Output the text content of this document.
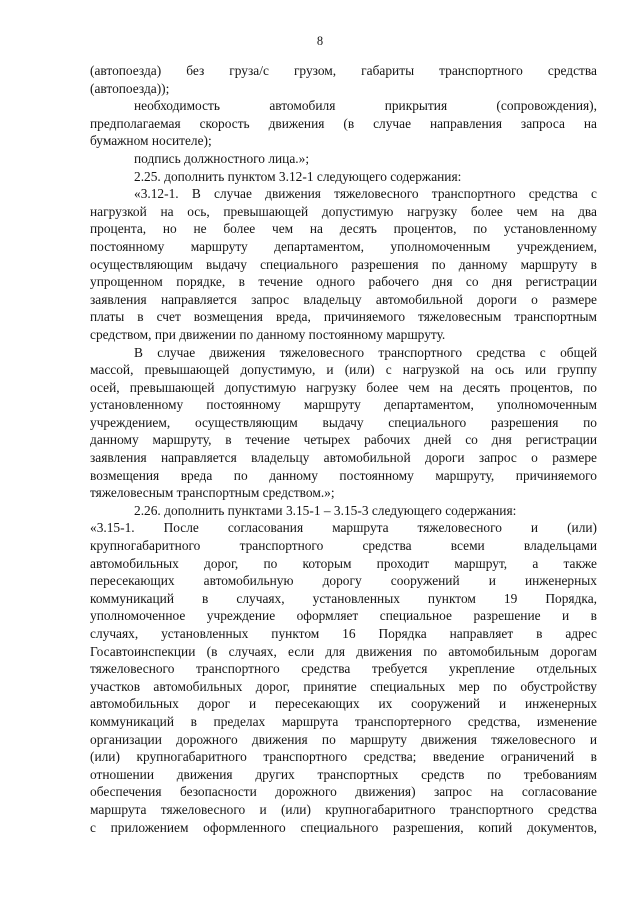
8
(автопоезда) без груза/с грузом, габариты транспортного средства
(автопоезда));
необходимость автомобиля прикрытия (сопровождения),
предполагаемая скорость движения (в случае направления запроса на
бумажном носителе);
подпись должностного лица.»;
2.25. дополнить пунктом 3.12-1 следующего содержания:
«3.12-1. В случае движения тяжеловесного транспортного средства с
нагрузкой на ось, превышающей допустимую нагрузку более чем на два
процента, но не более чем на десять процентов, по установленному
постоянному маршруту департаментом, уполномоченным учреждением,
осуществляющим выдачу специального разрешения по данному маршруту в
упрощенном порядке, в течение одного рабочего дня со дня регистрации
заявления направляется запрос владельцу автомобильной дороги о размере
платы в счет возмещения вреда, причиняемого тяжеловесным транспортным
средством, при движении по данному постоянному маршруту.
В случае движения тяжеловесного транспортного средства с общей
массой, превышающей допустимую, и (или) с нагрузкой на ось или группу
осей, превышающей допустимую нагрузку более чем на десять процентов, по
установленному постоянному маршруту департаментом, уполномоченным
учреждением, осуществляющим выдачу специального разрешения по
данному маршруту, в течение четырех рабочих дней со дня регистрации
заявления направляется владельцу автомобильной дороги запрос о размере
возмещения вреда по данному постоянному маршруту, причиняемого
тяжеловесным транспортным средством.»;
2.26. дополнить пунктами 3.15-1 – 3.15-3 следующего содержания:
«3.15-1. После согласования маршрута тяжеловесного и (или)
крупногабаритного транспортного средства всеми владельцами
автомобильных дорог, по которым проходит маршрут, а также
пересекающих автомобильную дорогу сооружений и инженерных
коммуникаций в случаях, установленных пунктом 19 Порядка,
уполномоченное учреждение оформляет специальное разрешение и в
случаях, установленных пунктом 16 Порядка направляет в адрес
Госавтоинспекции (в случаях, если для движения по автомобильным дорогам
тяжеловесного транспортного средства требуется укрепление отдельных
участков автомобильных дорог, принятие специальных мер по обустройству
автомобильных дорог и пересекающих их сооружений и инженерных
коммуникаций в пределах маршрута транспортерного средства, изменение
организации дорожного движения по маршруту движения тяжеловесного и
(или) крупногабаритного транспортного средства; введение ограничений в
отношении движения других транспортных средств по требованиям
обеспечения безопасности дорожного движения) запрос на согласование
маршрута тяжеловесного и (или) крупногабаритного транспортного средства
с приложением оформленного специального разрешения, копий документов,
